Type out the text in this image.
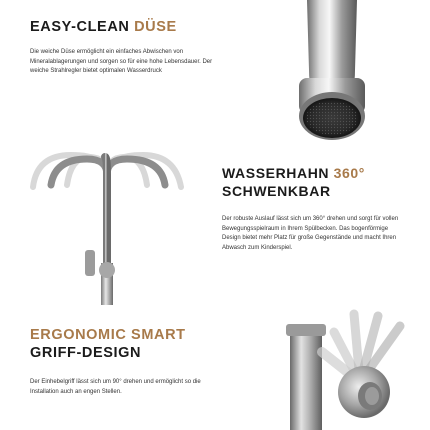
EASY-CLEAN DÜSE

Die weiche Düse ermöglicht ein einfaches Abwischen von Mineralablagerungen und sorgen so für eine hohe Lebensdauer. Der weiche Strahlregler bietet optimalen Wasserdruck

WASSERHAHN 360°
SCHWENKBAR

Der robuste Auslauf lässt sich um 360° drehen und sorgt für vollen Bewegungsspielraum in Ihrem Spülbecken. Das bogenförmige Design bietet mehr Platz für große Gegenstände und macht Ihren Abwasch zum Kinderspiel.

ERGONOMIC SMART
GRIFF-DESIGN

Der Einhebelgriff lässt sich um 90° drehen und ermöglicht so die Installation auch an engen Stellen.
